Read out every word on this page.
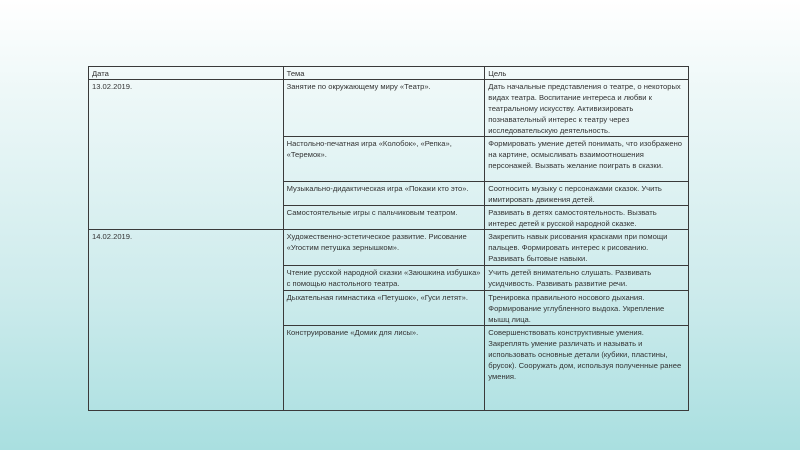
Дата	Тема	Цель
13.02.2019.	Занятие по окружающему миру «Театр».	Дать начальные представления о театре, о некоторых видах театра. Воспитание интереса и любви к театральному искусству. Активизировать познавательный интерес к театру через исследовательскую деятельность.
	Настольно-печатная игра «Колобок», «Репка», «Теремок».	Формировать умение детей понимать, что изображено на картине, осмысливать взаимоотношения персонажей. Вызвать желание поиграть в сказки.
	Музыкально-дидактическая игра «Покажи кто это».	Соотносить музыку с персонажами сказок. Учить имитировать движения детей.
	Самостоятельные игры с пальчиковым театром.	Развивать в детях самостоятельность. Вызвать интерес детей к русской народной сказке.
14.02.2019.	Художественно-эстетическое развитие. Рисование «Угостим петушка зернышком».	Закрепить навык рисования красками при помощи пальцев. Формировать интерес к рисованию. Развивать бытовые навыки.
	Чтение русской народной сказки «Заюшкина избушка» с помощью настольного театра.	Учить детей внимательно слушать. Развивать усидчивость. Развивать развитие речи.
	Дыхательная гимнастика «Петушок», «Гуси летят».	Тренировка правильного носового дыхания. Формирование углубленного выдоха. Укрепление мышц лица.
	Конструирование «Домик для лисы».	Совершенствовать конструктивные умения. Закреплять умение различать и называть и использовать основные детали (кубики, пластины, брусок). Сооружать дом, используя полученные ранее умения.
